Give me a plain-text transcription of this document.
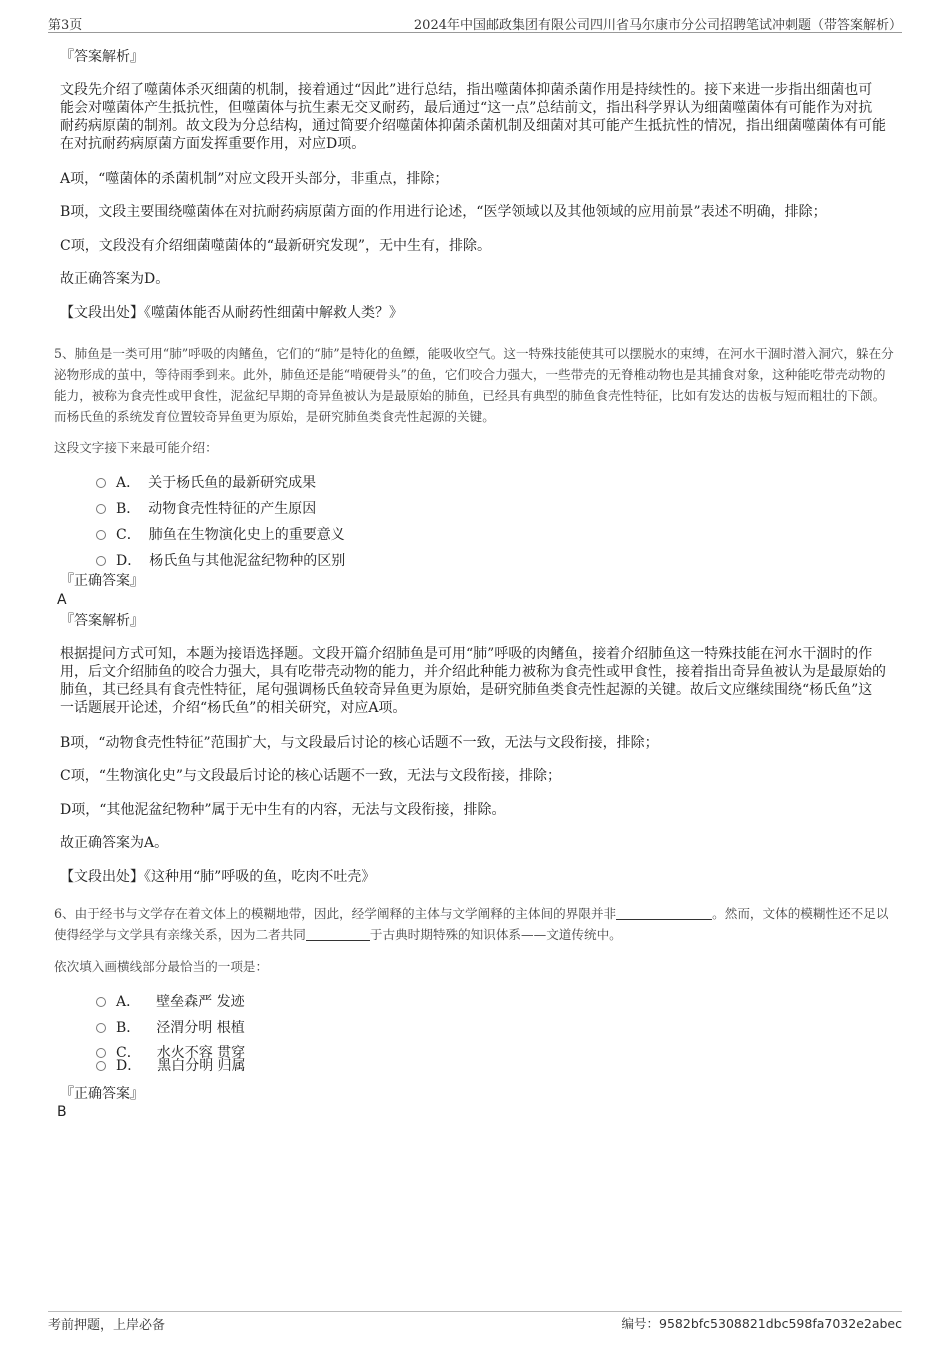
第3页	2024年中国邮政集团有限公司四川省马尔康市分公司招聘笔试冲刺题（带答案解析）
『答案解析』
文段先介绍了噬菌体杀灭细菌的机制，接着通过“因此”进行总结，指出噬菌体抑菌杀菌作用是持续性的。接下来进一步指出细菌也可能会对噬菌体产生抵抗性，但噬菌体与抗生素无交叉耐药，最后通过“这一点”总结前文，指出科学界认为细菌噬菌体有可能作为对抗耐药病原菌的制剂。故文段为分总结构，通过简要介绍噬菌体抑菌杀菌机制及细菌对其可能产生抵抗性的情况，指出细菌噬菌体有可能在对抗耐药病原菌方面发挥重要作用，对应D项。
A项，“噬菌体的杀菌机制”对应文段开头部分，非重点，排除；
B项，文段主要围绕噬菌体在对抗耐药病原菌方面的作用进行论述，“医学领域以及其他领域的应用前景”表述不明确，排除；
C项，文段没有介绍细菌噬菌体的“最新研究发现”，无中生有，排除。
故正确答案为D。
【文段出处】《噬菌体能否从耐药性细菌中解救人类？》
5、肺鱼是一类可用“肺”呼吸的肉鳍鱼，它们的“肺”是特化的鱼鳔，能吸收空气。这一特殊技能使其可以摆脱水的束缚，在河水干涸时潜入洞穴，躲在分泌物形成的茧中，等待雨季到来。此外，肺鱼还是能“啃硬骨头”的鱼，它们咬合力强大，一些带壳的无脊椎动物也是其捕食对象，这种能吃带壳动物的能力，被称为食壳性或甲食性，泥盆纪早期的奇异鱼被认为是最原始的肺鱼，已经具有典型的肺鱼食壳性特征，比如有发达的齿板与短而粗壮的下颌。而杨氏鱼的系统发育位置较奇异鱼更为原始，是研究肺鱼类食壳性起源的关键。
这段文字接下来最可能介绍：
A． 关于杨氏鱼的最新研究成果
B． 动物食壳性特征的产生原因
C． 肺鱼在生物演化史上的重要意义
D． 杨氏鱼与其他泥盆纪物种的区别
『正确答案』
A
『答案解析』
根据提问方式可知，本题为接语选择题。文段开篇介绍肺鱼是可用“肺”呼吸的肉鳍鱼，接着介绍肺鱼这一特殊技能在河水干涸时的作用，后文介绍肺鱼的咬合力强大，具有吃带壳动物的能力，并介绍此种能力被称为食壳性或甲食性，接着指出奇异鱼被认为是最原始的肺鱼，其已经具有食壳性特征，尾句强调杨氏鱼较奇异鱼更为原始，是研究肺鱼类食壳性起源的关键。故后文应继续围绕“杨氏鱼”这一话题展开论述，介绍“杨氏鱼”的相关研究，对应A项。
B项，“动物食壳性特征”范围扩大，与文段最后讨论的核心话题不一致，无法与文段衔接，排除；
C项，“生物演化史”与文段最后讨论的核心话题不一致，无法与文段衔接，排除；
D项，“其他泥盆纪物种”属于无中生有的内容，无法与文段衔接，排除。
故正确答案为A。
【文段出处】《这种用“肺”呼吸的鱼，吃肉不吐壳》
6、由于经书与文学存在着文体上的模糊地带，因此，经学阐释的主体与文学阐释的主体间的界限并非	。然而，文体的模糊性还不足以使得经学与文学具有亲缘关系，因为二者共同	于古典时期特殊的知识体系——文道传统中。
依次填入画横线部分最恰当的一项是：
A． 壁垒森严 发迹
B． 泾渭分明 根植
C． 水火不容 贯穿
D． 黑白分明 归属
『正确答案』
B
考前押题，上岸必备	编号：9582bfc5308821dbc598fa7032e2abec
